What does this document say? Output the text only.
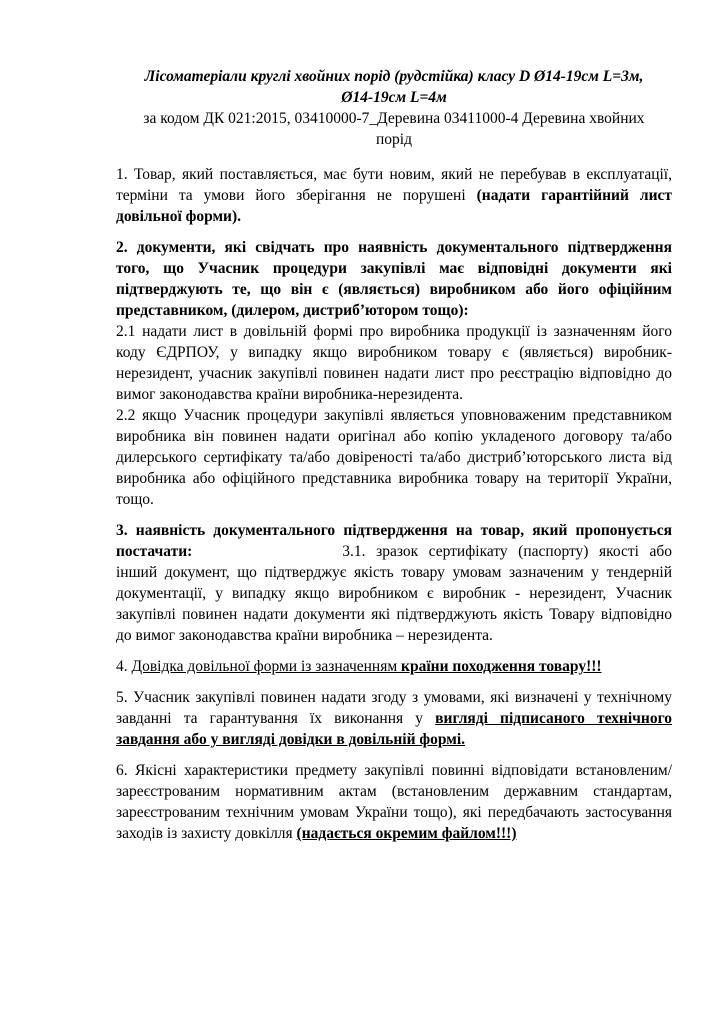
Лісоматеріали круглі хвойних порід (рудстійка) класу D Ø14-19см L=3м,
Ø14-19см L=4м

за кодом ДК 021:2015, 03410000-7_Деревина 03411000-4 Деревина хвойних
порід

1. Товар, який поставляється, має бути новим, який не перебував в експлуатації, терміни та умови його зберігання не порушені (надати гарантійний лист довільної форми).

2. документи, які свідчать про наявність документального підтвердження того, що Учасник процедури закупівлі має відповідні документи які підтверджують те, що він є (являється) виробником або його офіційним представником, (дилером, дистриб’ютором тощо):

2.1 надати лист в довільній формі про виробника продукції із зазначенням його коду ЄДРПОУ, у випадку якщо виробником товару є (являється) виробник-нерезидент, учасник закупівлі повинен надати лист про реєстрацію відповідно до вимог законодавства країни виробника-нерезидента.

2.2 якщо Учасник процедури закупівлі являється уповноваженим представником виробника він повинен надати оригінал або копію укладеного договору та/або дилерського сертифікату та/або довіреності та/або дистриб’юторського листа від виробника або офіційного представника виробника товару на території України, тощо.

3. наявність документального підтвердження на товар, який пропонується постачати:	3.1. зразок сертифікату (паспорту) якості або інший документ, що підтверджує якість товару умовам зазначеним у тендерній документації, у випадку якщо виробником є виробник - нерезидент, Учасник закупівлі повинен надати документи які підтверджують якість Товару відповідно до вимог законодавства країни виробника – нерезидента.

4. Довідка довільної форми із зазначенням країни походження товару!!!

5. Учасник закупівлі повинен надати згоду з умовами, які визначені у технічному завданні та гарантування їх виконання у вигляді підписаного технічного завдання або у вигляді довідки в довільній формі.

6. Якісні характеристики предмету закупівлі повинні відповідати встановленим/зареєстрованим нормативним актам (встановленим державним стандартам, зареєстрованим технічним умовам України тощо), які передбачають застосування заходів із захисту довкілля (надається окремим файлом!!!)
